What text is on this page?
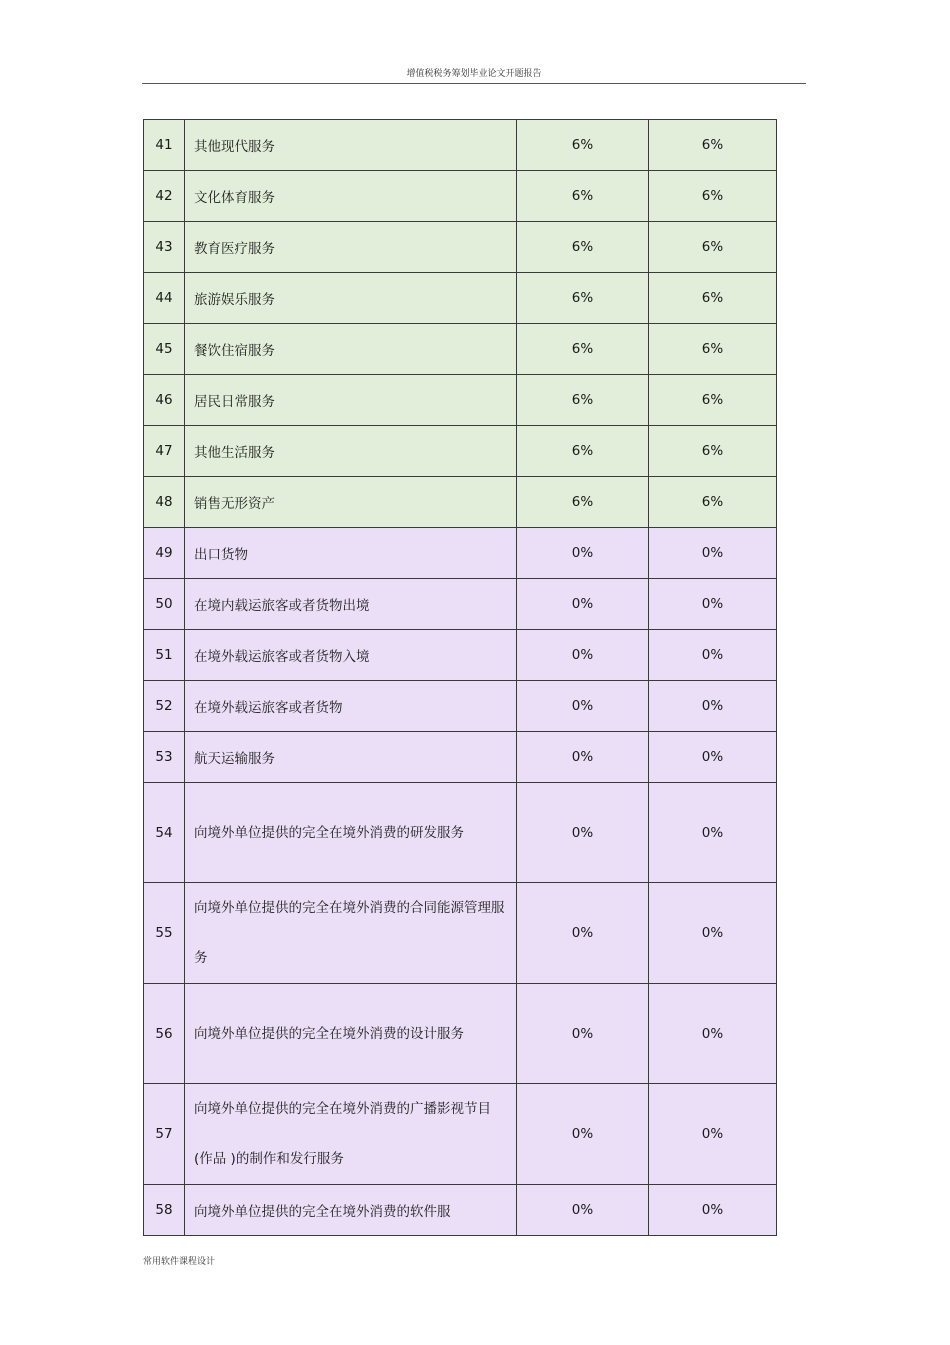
增值税税务筹划毕业论文开题报告
41	其他现代服务	6%	6%
42	文化体育服务	6%	6%
43	教育医疗服务	6%	6%
44	旅游娱乐服务	6%	6%
45	餐饮住宿服务	6%	6%
46	居民日常服务	6%	6%
47	其他生活服务	6%	6%
48	销售无形资产	6%	6%
49	出口货物	0%	0%
50	在境内载运旅客或者货物出境	0%	0%
51	在境外载运旅客或者货物入境	0%	0%
52	在境外载运旅客或者货物	0%	0%
53	航天运输服务	0%	0%
54	向境外单位提供的完全在境外消费的研发服务	0%	0%
55	向境外单位提供的完全在境外消费的合同能源管理服务	0%	0%
56	向境外单位提供的完全在境外消费的设计服务	0%	0%
57	向境外单位提供的完全在境外消费的广播影视节目 (作品 )的制作和发行服务	0%	0%
58	向境外单位提供的完全在境外消费的软件服	0%	0%
常用软件课程设计
